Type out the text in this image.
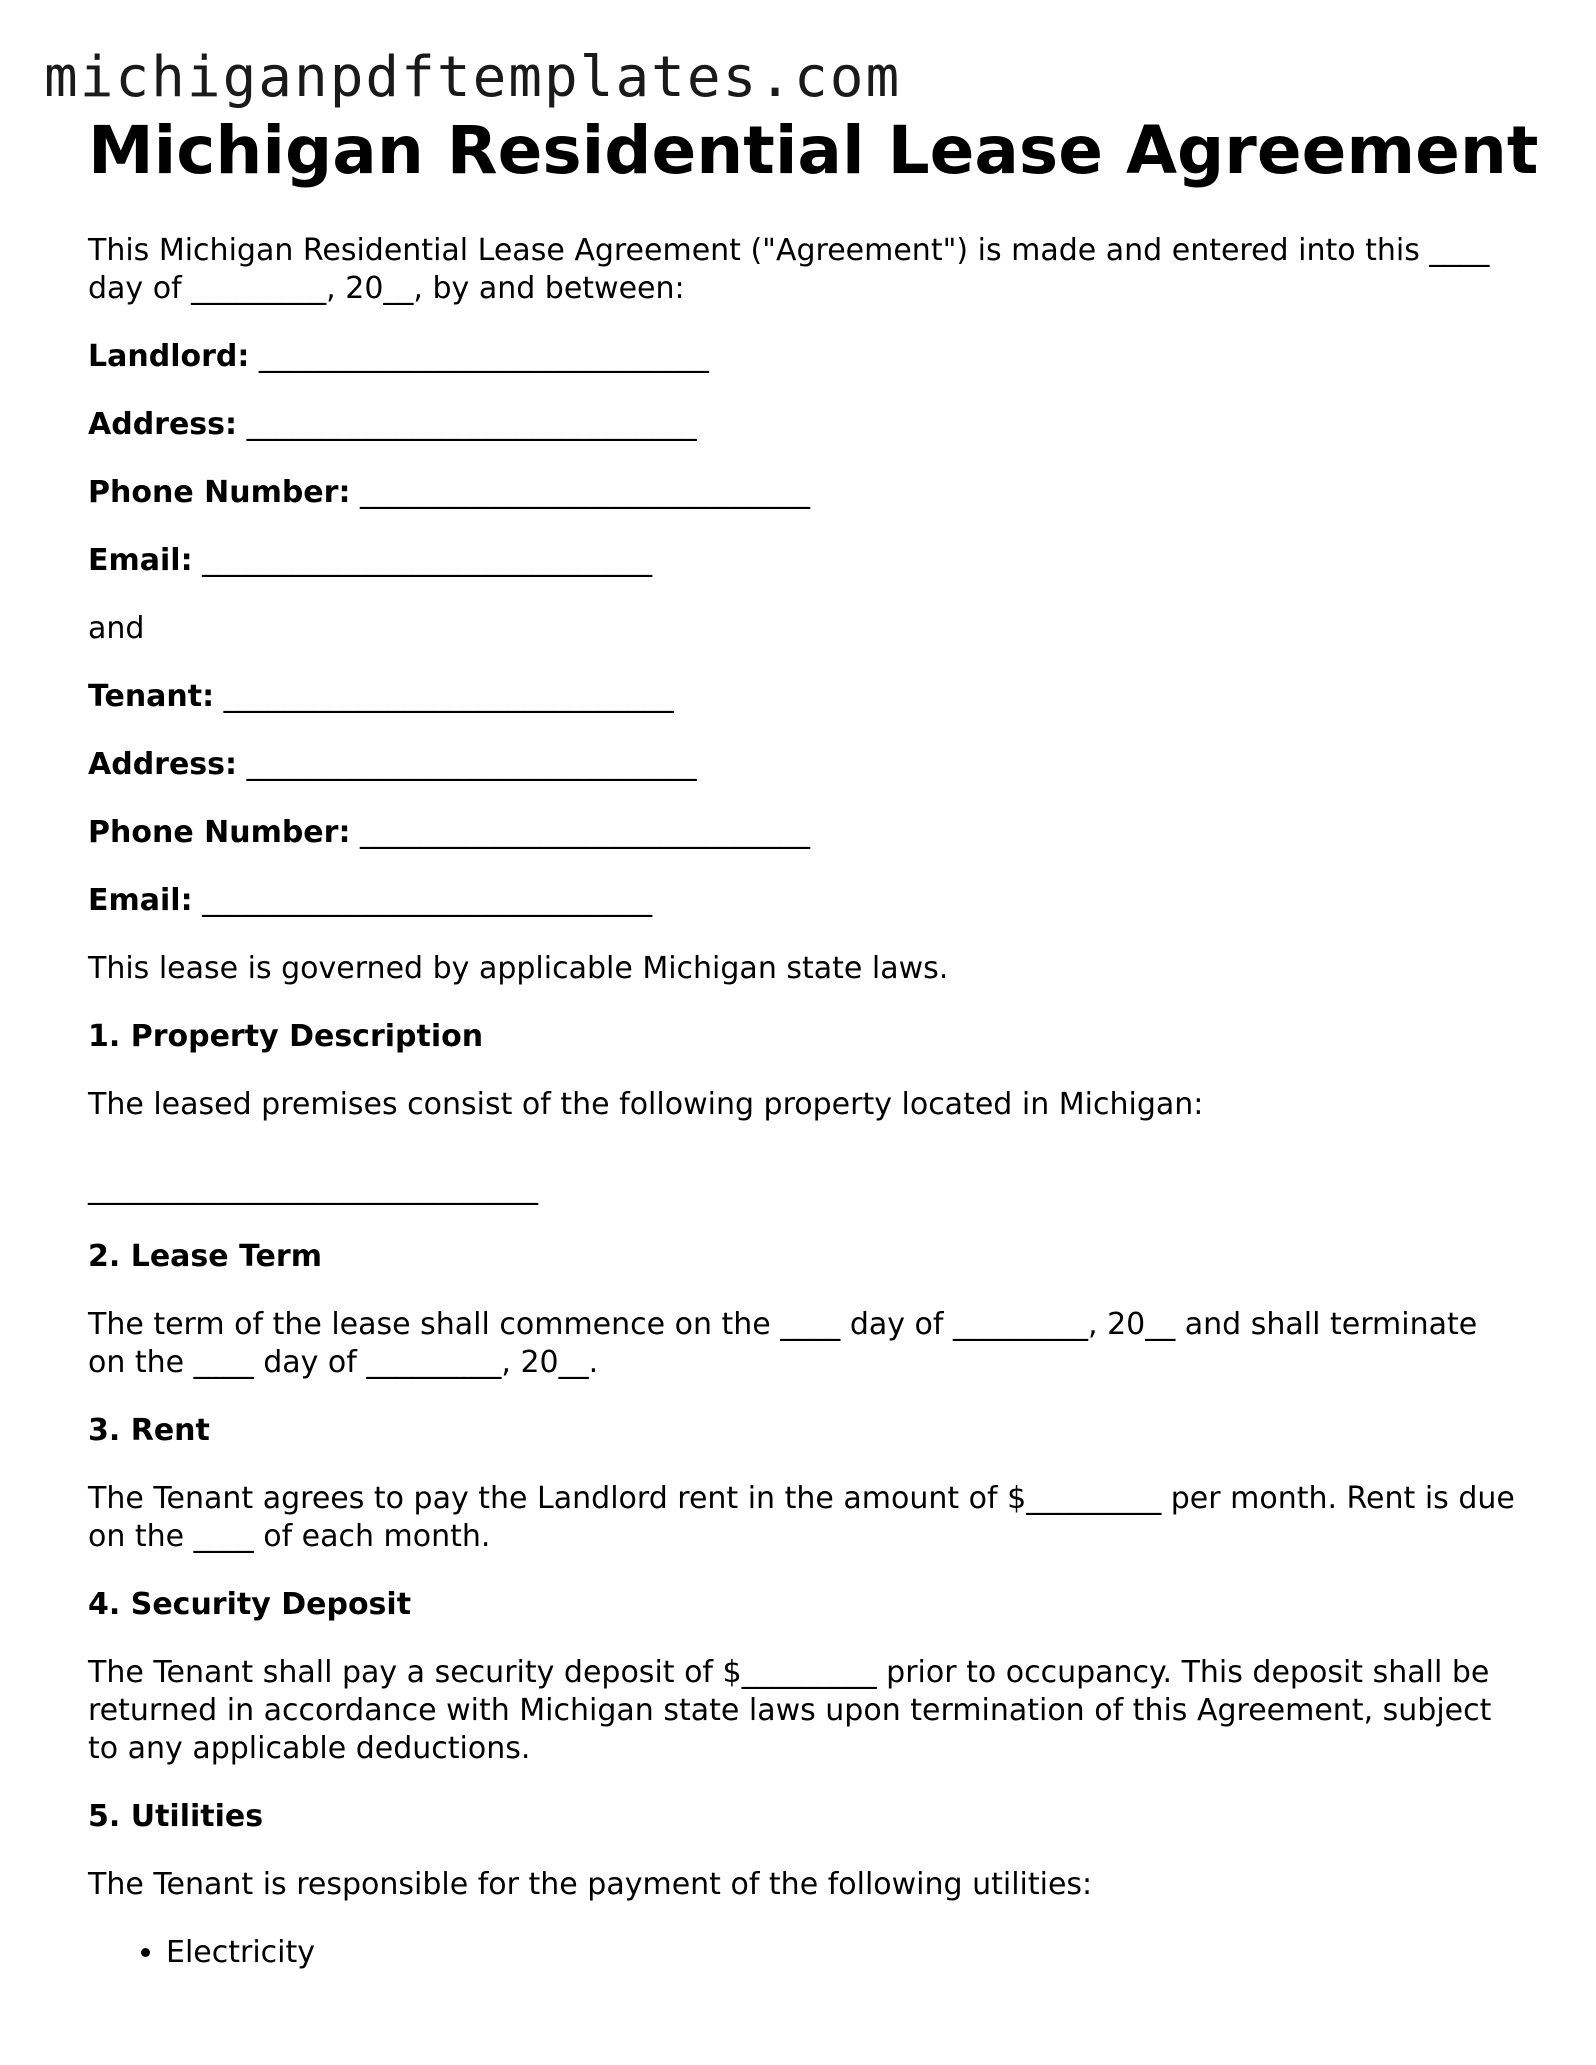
michiganpdftemplates.com
Michigan Residential Lease Agreement

This Michigan Residential Lease Agreement ("Agreement") is made and entered into this ____ day of _________, 20__, by and between:

Landlord: ______________________________
Address: ______________________________
Phone Number: ______________________________
Email: ______________________________
and
Tenant: ______________________________
Address: ______________________________
Phone Number: ______________________________
Email: ______________________________
This lease is governed by applicable Michigan state laws.
1. Property Description
The leased premises consist of the following property located in Michigan:
______________________________
2. Lease Term
The term of the lease shall commence on the ____ day of _________, 20__ and shall terminate on the ____ day of _________, 20__.
3. Rent
The Tenant agrees to pay the Landlord rent in the amount of $_________ per month. Rent is due on the ____ of each month.
4. Security Deposit
The Tenant shall pay a security deposit of $_________ prior to occupancy. This deposit shall be returned in accordance with Michigan state laws upon termination of this Agreement, subject to any applicable deductions.
5. Utilities
The Tenant is responsible for the payment of the following utilities:
• Electricity
